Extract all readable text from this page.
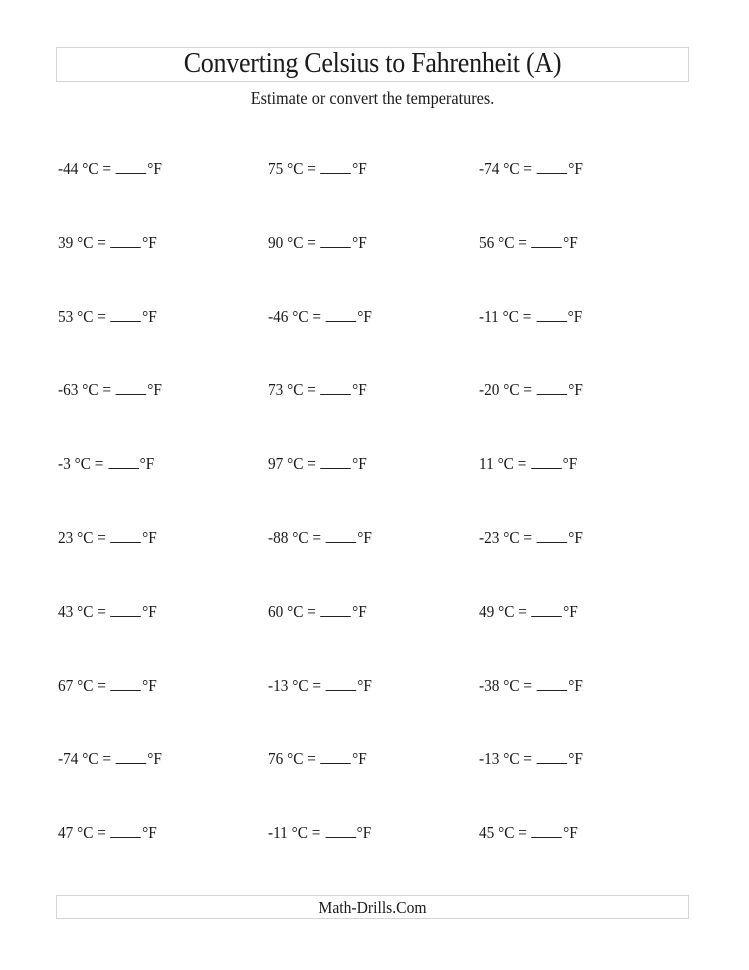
Converting Celsius to Fahrenheit (A)
Estimate or convert the temperatures.
-44 °C = °F	75 °C = °F	-74 °C = °F
39 °C = °F	90 °C = °F	56 °C = °F
53 °C = °F	-46 °C = °F	-11 °C = °F
-63 °C = °F	73 °C = °F	-20 °C = °F
-3 °C = °F	97 °C = °F	11 °C = °F
23 °C = °F	-88 °C = °F	-23 °C = °F
43 °C = °F	60 °C = °F	49 °C = °F
67 °C = °F	-13 °C = °F	-38 °C = °F
-74 °C = °F	76 °C = °F	-13 °C = °F
47 °C = °F	-11 °C = °F	45 °C = °F
Math-Drills.Com
